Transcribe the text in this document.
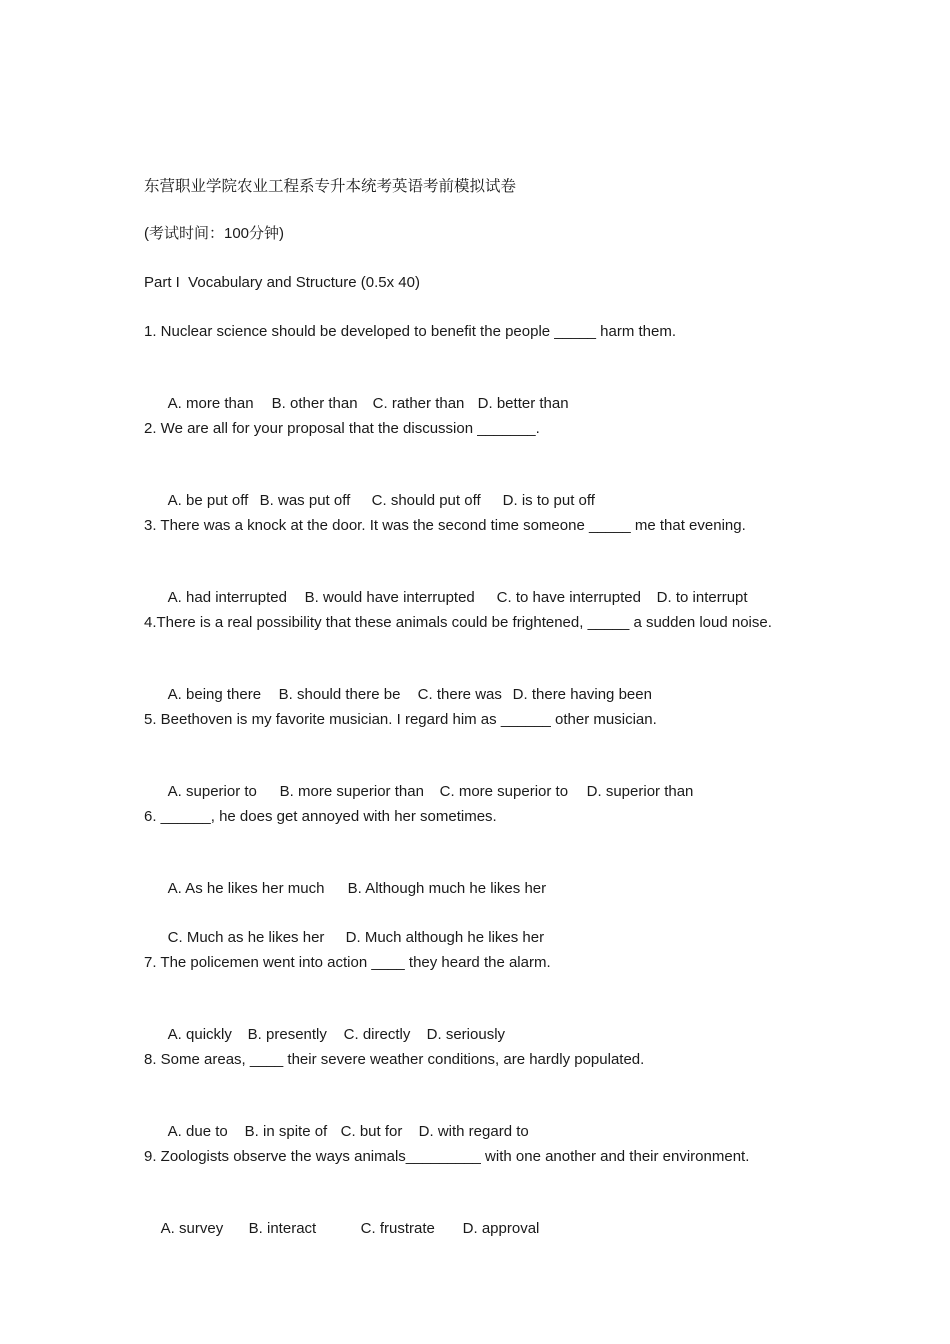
东营职业学院农业工程系专升本统考英语考前模拟试卷
(考试时间：100分钟)
Part I  Vocabulary and Structure (0.5x 40)
1. Nuclear science should be developed to benefit the people _____ harm them.

A. more than B. other than C. rather than D. better than

2. We are all for your proposal that the discussion _______.

A. be put off B. was put off C. should put off D. is to put off

3. There was a knock at the door. It was the second time someone _____ me that evening.

A. had interrupted B. would have interrupted C. to have interrupted D. to interrupt

4.There is a real possibility that these animals could be frightened, _____ a sudden loud noise.

A. being there B. should there be C. there was D. there having been

5. Beethoven is my favorite musician. I regard him as ______ other musician.

A. superior to B. more superior than C. more superior to D. superior than

6. ______, he does get annoyed with her sometimes.

A. As he likes her much B. Although much he likes her

C. Much as he likes her D. Much although he likes her

7. The policemen went into action ____ they heard the alarm.

A. quickly B. presently C. directly D. seriously

8. Some areas, ____ their severe weather conditions, are hardly populated.

A. due to B. in spite of C. but for D. with regard to

9. Zoologists observe the ways animals_________ with one another and their environment.

A. survey B. interact	C. frustrate D. approval
